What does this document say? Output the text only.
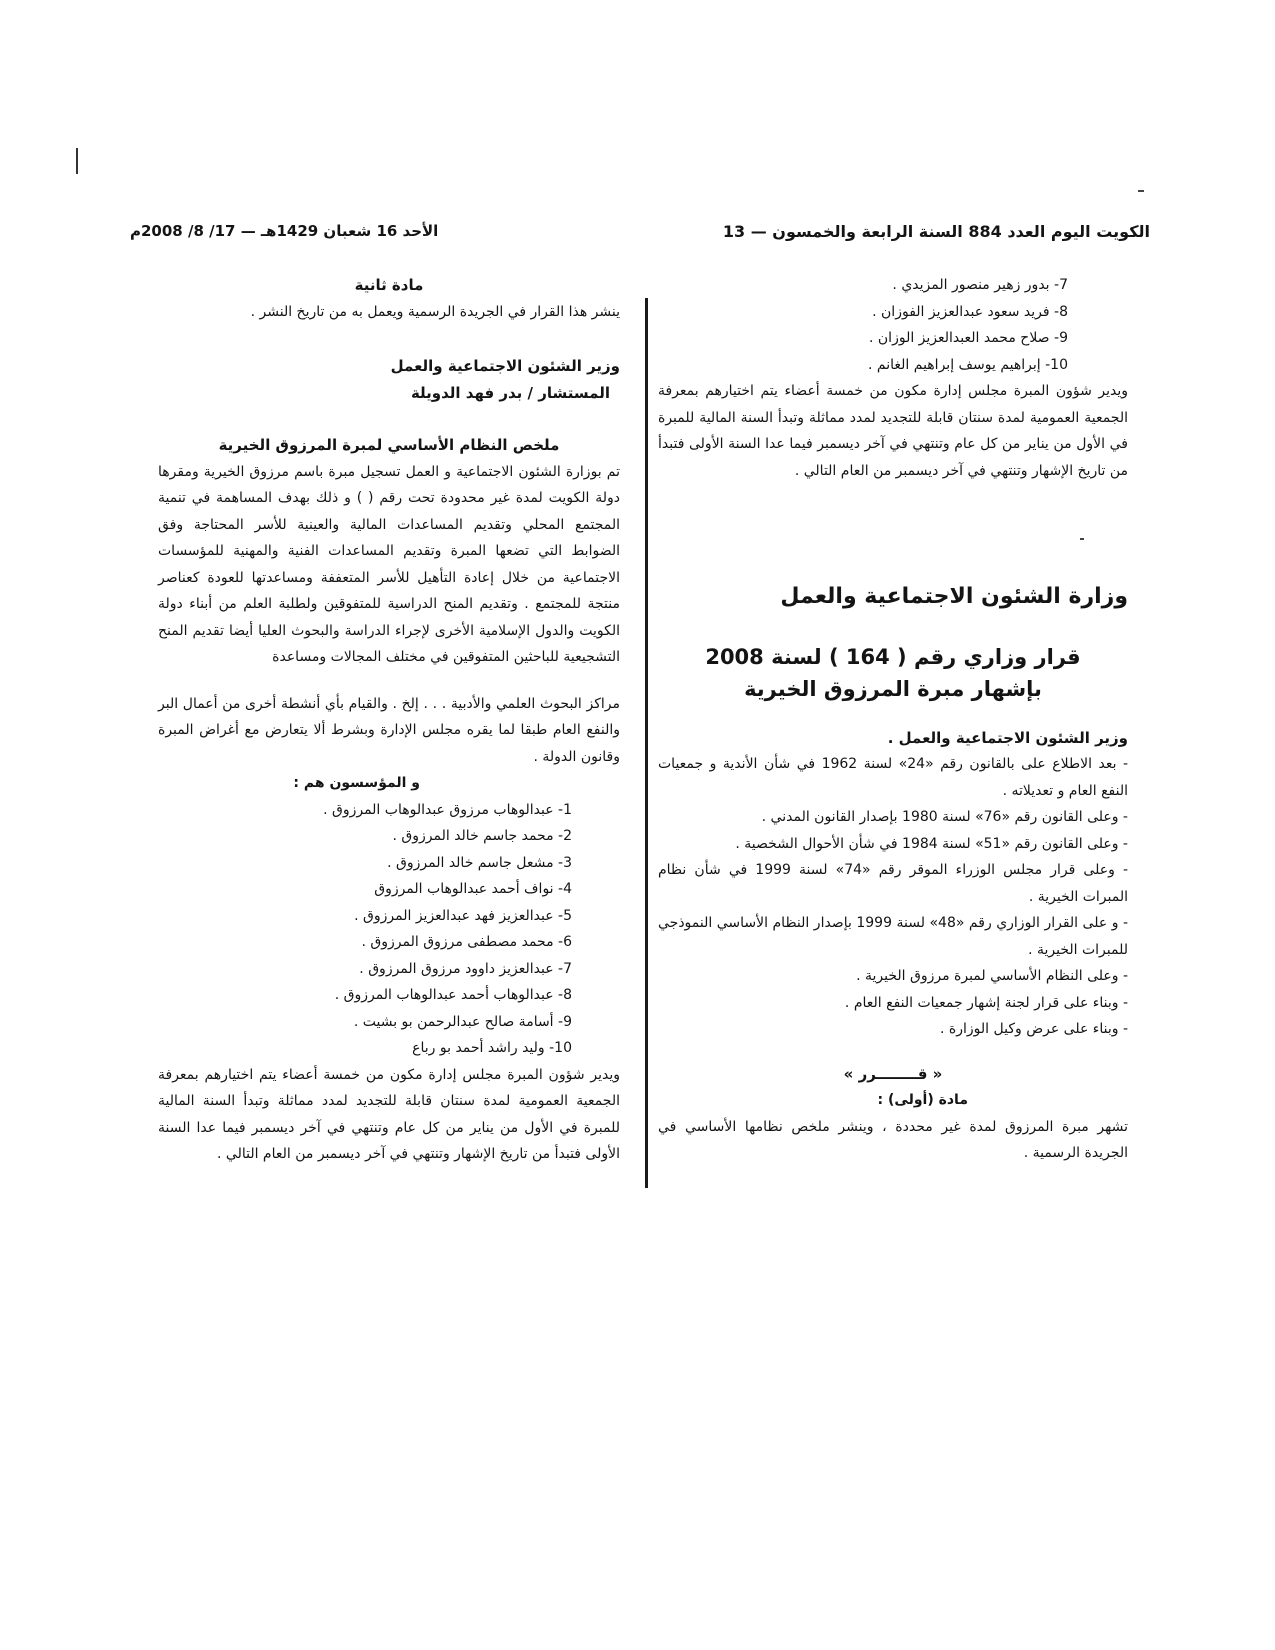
الكويت اليوم العدد 884 السنة الرابعة والخمسون — 13
الأحد 16 شعبان 1429هـ — 17/ 8/ 2008م
7- بدور زهير منصور المزيدي .
8- فريد سعود عبدالعزيز الفوزان .
9- صلاح محمد العبدالعزيز الوزان .
10- إبراهيم يوسف إبراهيم الغانم .

ويدير شؤون المبرة مجلس إدارة مكون من خمسة أعضاء يتم اختيارهم بمعرفة الجمعية العمومية لمدة سنتان قابلة للتجديد لمدد مماثلة وتبدأ السنة المالية للمبرة في الأول من يناير من كل عام وتنتهي في آخر ديسمبر فيما عدا السنة الأولى فتبدأ من تاريخ الإشهار وتنتهي في آخر ديسمبر من العام التالي .

وزارة الشئون الاجتماعية والعمل

قرار وزاري رقم ( 164 ) لسنة 2008

بإشهار مبرة المرزوق الخيرية

وزير الشئون الاجتماعية والعمل .

- بعد الاطلاع على بالقانون رقم «24» لسنة 1962 في شأن الأندية و جمعيات النفع العام و تعديلاته .
- وعلى القانون رقم «76» لسنة 1980 بإصدار القانون المدني .
- وعلى القانون رقم «51» لسنة 1984 في شأن الأحوال الشخصية .
- وعلى قرار مجلس الوزراء الموقر رقم «74» لسنة 1999 في شأن نظام المبرات الخيرية .
- و على القرار الوزاري رقم «48» لسنة 1999 بإصدار النظام الأساسي النموذجي للمبرات الخيرية .
- وعلى النظام الأساسي لمبرة مرزوق الخيرية .
- وبناء على قرار لجنة إشهار جمعيات النفع العام .
- وبناء على عرض وكيل الوزارة .

« قــــــــرر »

مادة (أولى) :

تشهر مبرة المرزوق لمدة غير محددة ، وينشر ملخص نظامها الأساسي في الجريدة الرسمية .

مادة ثانية

ينشر هذا القرار في الجريدة الرسمية ويعمل به من تاريخ النشر .

وزير الشئون الاجتماعية والعمل

المستشار / بدر فهد الدويلة

ملخص النظام الأساسي لمبرة المرزوق الخيرية

تم بوزارة الشئون الاجتماعية و العمل تسجيل مبرة باسم مرزوق الخيرية ومقرها دولة الكويت لمدة غير محدودة تحت رقم ( ) و ذلك بهدف المساهمة في تنمية المجتمع المحلي وتقديم المساعدات المالية والعينية للأسر المحتاجة وفق الضوابط التي تضعها المبرة وتقديم المساعدات الفنية والمهنية للمؤسسات الاجتماعية من خلال إعادة التأهيل للأسر المتعففة ومساعدتها للعودة كعناصر منتجة للمجتمع . وتقديم المنح الدراسية للمتفوقين ولطلبة العلم من أبناء دولة الكويت والدول الإسلامية الأخرى لإجراء الدراسة والبحوث العليا أيضا تقديم المنح التشجيعية للباحثين المتفوقين في مختلف المجالات ومساعدة

مراكز البحوث العلمي والأدبية . . . إلخ . والقيام بأي أنشطة أخرى من أعمال البر والنفع العام طبقا لما يقره مجلس الإدارة وبشرط ألا يتعارض مع أغراض المبرة وقانون الدولة .

و المؤسسون هم :

1- عبدالوهاب مرزوق عبدالوهاب المرزوق .
2- محمد جاسم خالد المرزوق .
3- مشعل جاسم خالد المرزوق .
4- نواف أحمد عبدالوهاب المرزوق
5- عبدالعزيز فهد عبدالعزيز المرزوق .
6- محمد مصطفى مرزوق المرزوق .
7- عبدالعزيز داوود مرزوق المرزوق .
8- عبدالوهاب أحمد عبدالوهاب المرزوق .
9- أسامة صالح عبدالرحمن بو بشيت .
10- وليد راشد أحمد بو رباع

ويدير شؤون المبرة مجلس إدارة مكون من خمسة أعضاء يتم اختيارهم بمعرفة الجمعية العمومية لمدة سنتان قابلة للتجديد لمدد مماثلة وتبدأ السنة المالية للمبرة في الأول من يناير من كل عام وتنتهي في آخر ديسمبر فيما عدا السنة الأولى فتبدأ من تاريخ الإشهار وتنتهي في آخر ديسمبر من العام التالي .
